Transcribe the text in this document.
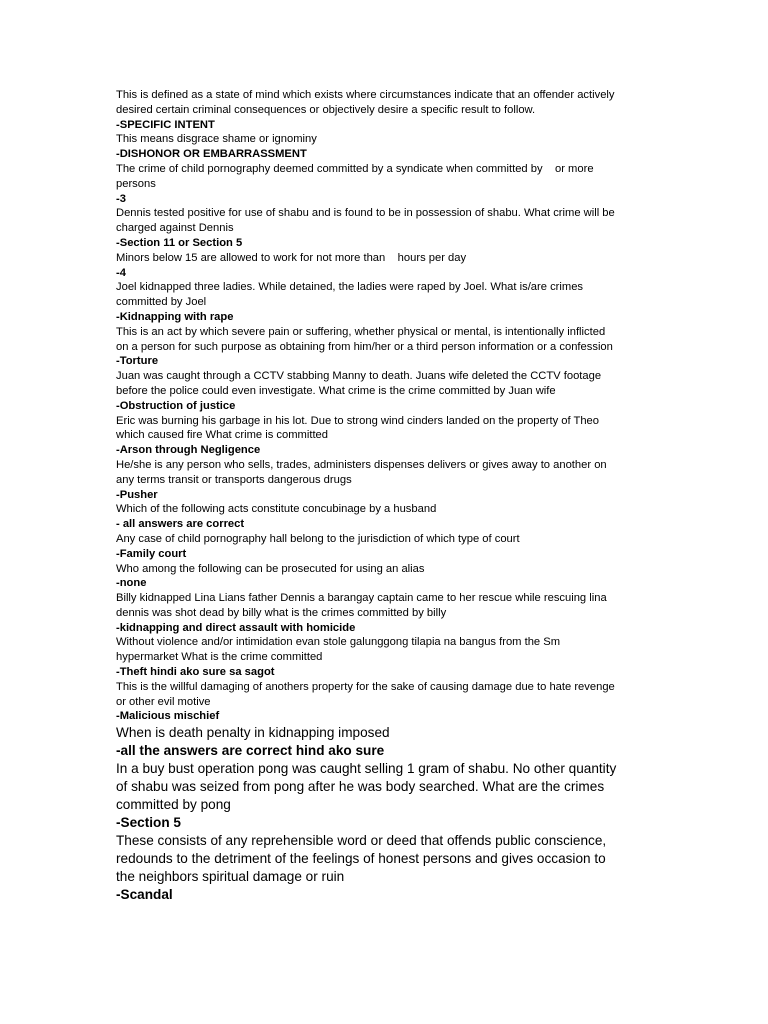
This is defined as a state of mind which exists where circumstances indicate that an offender actively
desired certain criminal consequences or objectively desire a specific result to follow.
-SPECIFIC INTENT
This means disgrace shame or ignominy
-DISHONOR OR EMBARRASSMENT
The crime of child pornography deemed committed by a syndicate when committed by    or more
persons
-3
Dennis tested positive for use of shabu and is found to be in possession of shabu. What crime will be
charged against Dennis
-Section 11 or Section 5
Minors below 15 are allowed to work for not more than    hours per day
-4
Joel kidnapped three ladies. While detained, the ladies were raped by Joel. What is/are crimes
committed by Joel
-Kidnapping with rape
This is an act by which severe pain or suffering, whether physical or mental, is intentionally inflicted
on a person for such purpose as obtaining from him/her or a third person information or a confession
-Torture
Juan was caught through a CCTV stabbing Manny to death. Juans wife deleted the CCTV footage
before the police could even investigate. What crime is the crime committed by Juan wife
-Obstruction of justice
Eric was burning his garbage in his lot. Due to strong wind cinders landed on the property of Theo
which caused fire What crime is committed
-Arson through Negligence
He/she is any person who sells, trades, administers dispenses delivers or gives away to another on
any terms transit or transports dangerous drugs
-Pusher
Which of the following acts constitute concubinage by a husband
- all answers are correct
Any case of child pornography hall belong to the jurisdiction of which type of court
-Family court
Who among the following can be prosecuted for using an alias
-none
Billy kidnapped Lina Lians father Dennis a barangay captain came to her rescue while rescuing lina
dennis was shot dead by billy what is the crimes committed by billy
-kidnapping and direct assault with homicide
Without violence and/or intimidation evan stole galunggong tilapia na bangus from the Sm
hypermarket What is the crime committed
-Theft hindi ako sure sa sagot
This is the willful damaging of anothers property for the sake of causing damage due to hate revenge
or other evil motive
-Malicious mischief
When is death penalty in kidnapping imposed
-all the answers are correct hind ako sure
In a buy bust operation pong was caught selling 1 gram of shabu. No other quantity
of shabu was seized from pong after he was body searched. What are the crimes
committed by pong
-Section 5
These consists of any reprehensible word or deed that offends public conscience,
redounds to the detriment of the feelings of honest persons and gives occasion to
the neighbors spiritual damage or ruin
-Scandal
